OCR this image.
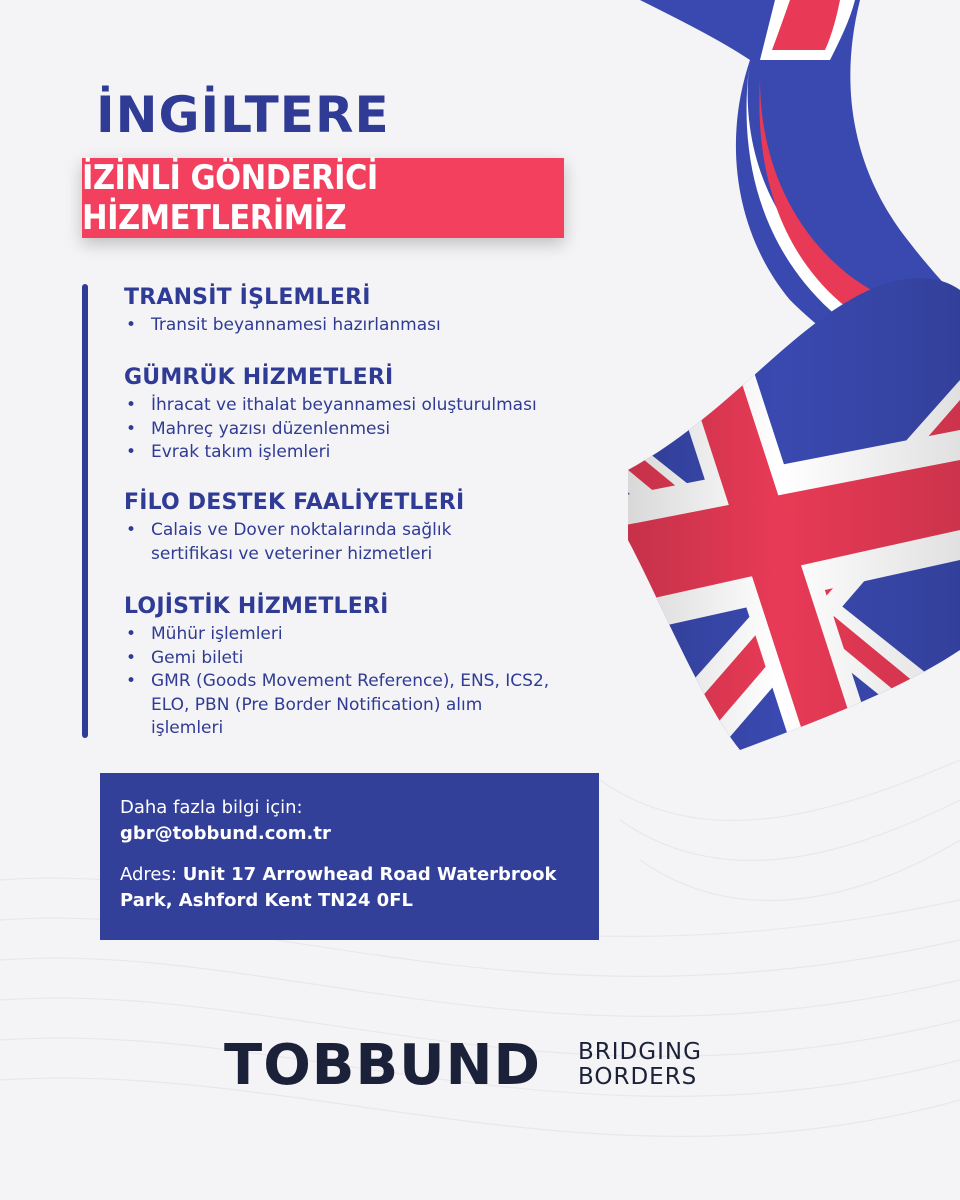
İNGİLTERE
İZİNLİ GÖNDERİCİ HİZMETLERİMİZ
TRANSİT İŞLEMLERİ
• Transit beyannamesi hazırlanması
GÜMRÜK HİZMETLERİ
• İhracat ve ithalat beyannamesi oluşturulması
• Mahreç yazısı düzenlenmesi
• Evrak takım işlemleri
FİLO DESTEK FAALİYETLERİ
• Calais ve Dover noktalarında sağlık sertifikası ve veteriner hizmetleri
LOJİSTİK HİZMETLERİ
• Mühür işlemleri
• Gemi bileti
• GMR (Goods Movement Reference), ENS, ICS2, ELO, PBN (Pre Border Notification) alım işlemleri

Daha fazla bilgi için:

gbr@tobbund.com.tr

Adres: Unit 17 Arrowhead Road Waterbrook Park, Ashford Kent TN24 0FL

TOBBUND BRIDGING
BORDERS
